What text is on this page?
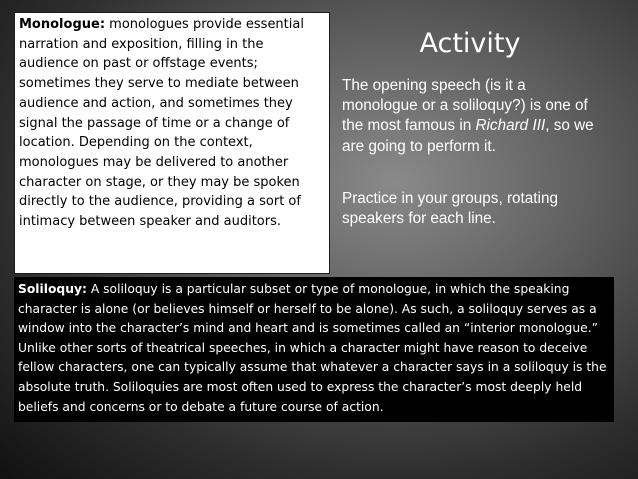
Monologue: monologues provide essential narration and exposition, filling in the audience on past or offstage events; sometimes they serve to mediate between audience and action, and sometimes they signal the passage of time or a change of location. Depending on the context, monologues may be delivered to another character on stage, or they may be spoken directly to the audience, providing a sort of intimacy between speaker and auditors.
Activity
The opening speech (is it a monologue or a soliloquy?) is one of the most famous in Richard III, so we are going to perform it.
Practice in your groups, rotating speakers for each line.
Soliloquy: A soliloquy is a particular subset or type of monologue, in which the speaking character is alone (or believes himself or herself to be alone). As such, a soliloquy serves as a window into the character’s mind and heart and is sometimes called an “interior monologue.” Unlike other sorts of theatrical speeches, in which a character might have reason to deceive fellow characters, one can typically assume that whatever a character says in a soliloquy is the absolute truth. Soliloquies are most often used to express the character’s most deeply held beliefs and concerns or to debate a future course of action.
